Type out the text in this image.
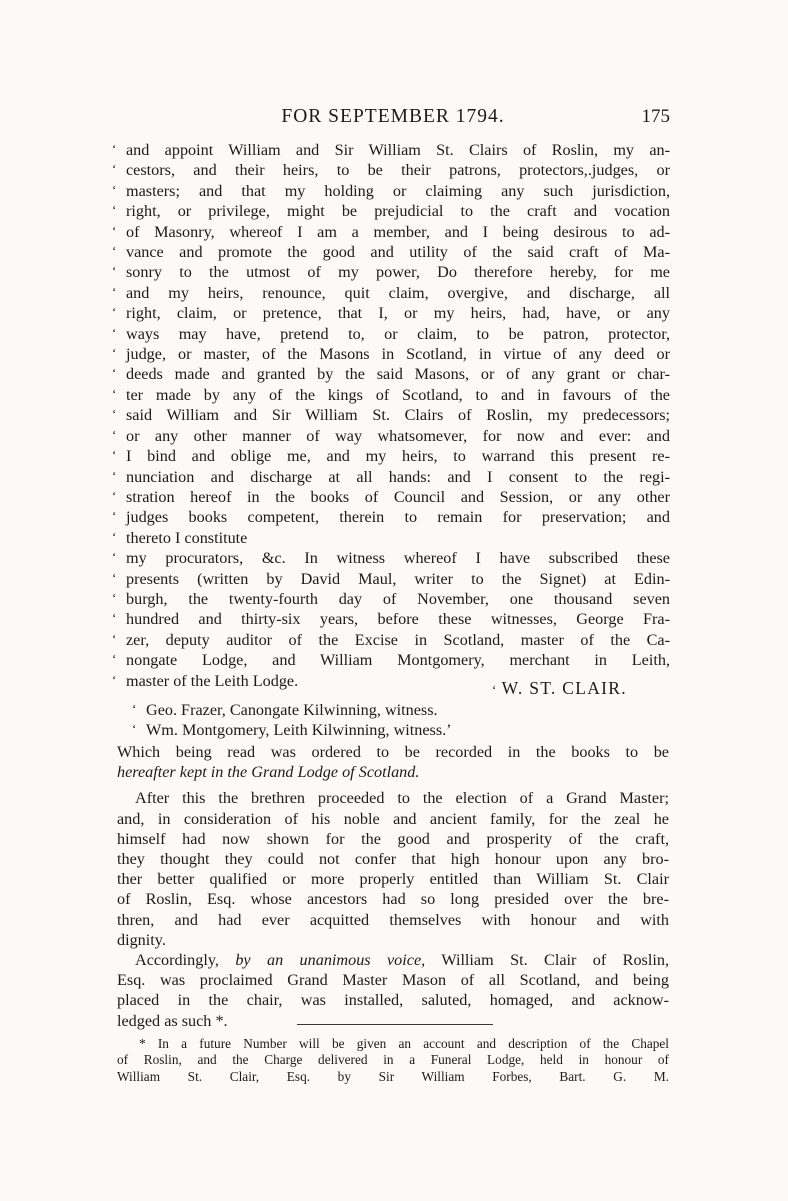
FOR SEPTEMBER 1794.	175
‘ and appoint William and Sir William St. Clairs of Roslin, my an-
‘ cestors, and their heirs, to be their patrons, protectors,.judges, or
‘ masters; and that my holding or claiming any such jurisdiction,
‘ right, or privilege, might be prejudicial to the craft and vocation
‘ of Masonry, whereof I am a member, and I being desirous to ad-
‘ vance and promote the good and utility of the said craft of Ma-
‘ sonry to the utmost of my power, Do therefore hereby, for me
‘ and my heirs, renounce, quit claim, overgive, and discharge, all
‘ right, claim, or pretence, that I, or my heirs, had, have, or any
‘ ways may have, pretend to, or claim, to be patron, protector,
‘ judge, or master, of the Masons in Scotland, in virtue of any deed or
‘ deeds made and granted by the said Masons, or of any grant or char-
‘ ter made by any of the kings of Scotland, to and in favours of the
‘ said William and Sir William St. Clairs of Roslin, my predecessors;
‘ or any other manner of way whatsomever, for now and ever: and
‘ I bind and oblige me, and my heirs, to warrand this present re-
‘ nunciation and discharge at all hands: and I consent to the regi-
‘ stration hereof in the books of Council and Session, or any other
‘ judges books competent, therein to remain for preservation; and
‘ thereto I constitute
‘ my procurators, &c. In witness whereof I have subscribed these
‘ presents (written by David Maul, writer to the Signet) at Edin-
‘ burgh, the twenty-fourth day of November, one thousand seven
‘ hundred and thirty-six years, before these witnesses, George Fra-
‘ zer, deputy auditor of the Excise in Scotland, master of the Ca-
‘ nongate Lodge, and William Montgomery, merchant in Leith,
‘ master of the Leith Lodge.	‘ W. ST. CLAIR.
‘ Geo. Frazer, Canongate Kilwinning, witness.
‘ Wm. Montgomery, Leith Kilwinning, witness.’

Which being read was ordered to be recorded in the books to be
hereafter kept in the Grand Lodge of Scotland.

After this the brethren proceeded to the election of a Grand Master;
and, in consideration of his noble and ancient family, for the zeal he
himself had now shown for the good and prosperity of the craft,
they thought they could not confer that high honour upon any bro-
ther better qualified or more properly entitled than William St. Clair
of Roslin, Esq. whose ancestors had so long presided over the bre-
thren, and had ever acquitted themselves with honour and with
dignity.

Accordingly, by an unanimous voice, William St. Clair of Roslin,
Esq. was proclaimed Grand Master Mason of all Scotland, and being
placed in the chair, was installed, saluted, homaged, and acknow-
ledged as such *.

* In a future Number will be given an account and description of the Chapel
of Roslin, and the Charge delivered in a Funeral Lodge, held in honour of
William St. Clair, Esq. by Sir William Forbes, Bart. G. M.
